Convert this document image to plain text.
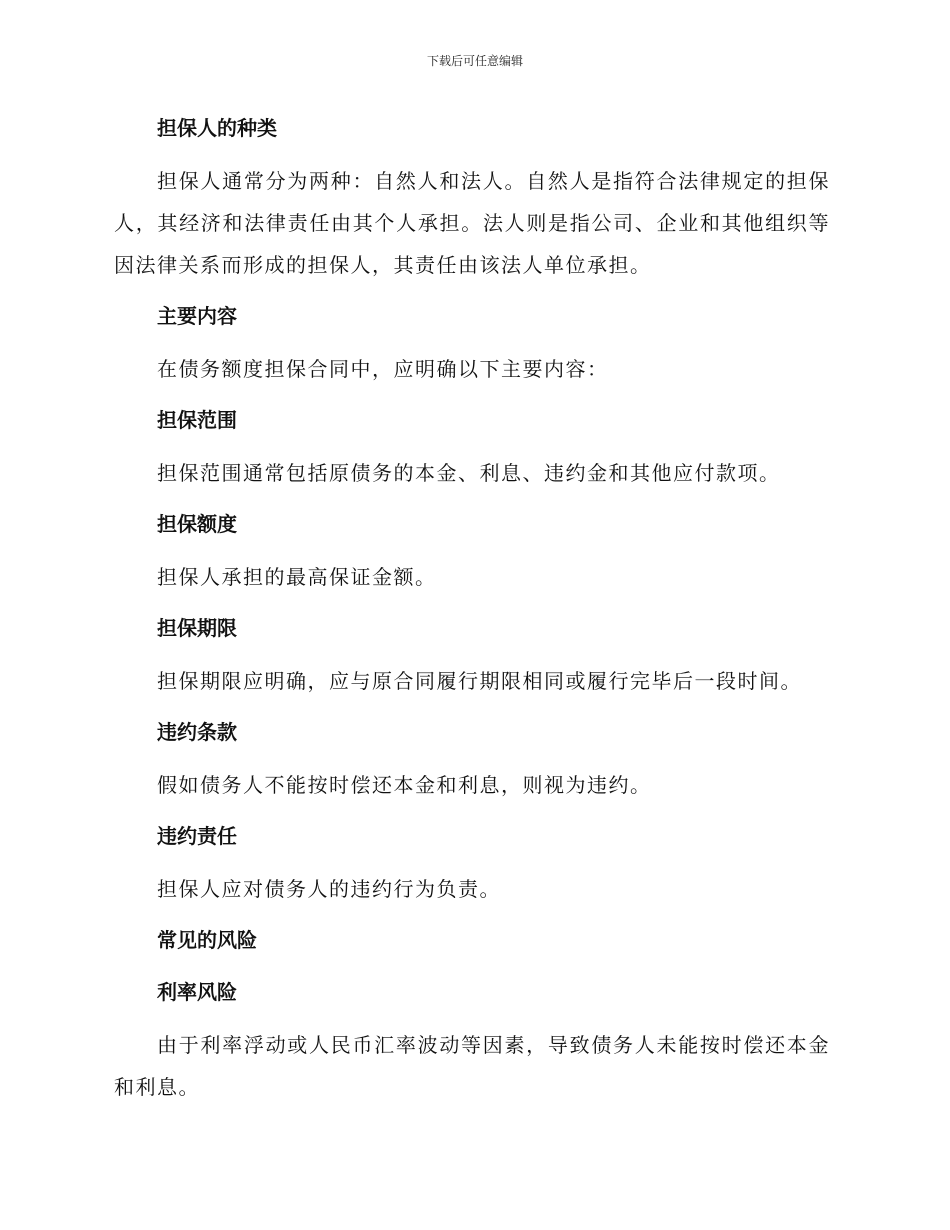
下载后可任意编辑
担保人的种类

担保人通常分为两种：自然人和法人。自然人是指符合法律规定的担保人，其经济和法律责任由其个人承担。法人则是指公司、企业和其他组织等因法律关系而形成的担保人，其责任由该法人单位承担。

主要内容

在债务额度担保合同中，应明确以下主要内容：

担保范围

担保范围通常包括原债务的本金、利息、违约金和其他应付款项。

担保额度

担保人承担的最高保证金额。

担保期限

担保期限应明确，应与原合同履行期限相同或履行完毕后一段时间。

违约条款

假如债务人不能按时偿还本金和利息，则视为违约。

违约责任

担保人应对债务人的违约行为负责。

常见的风险
利率风险

由于利率浮动或人民币汇率波动等因素，导致债务人未能按时偿还本金和利息。
